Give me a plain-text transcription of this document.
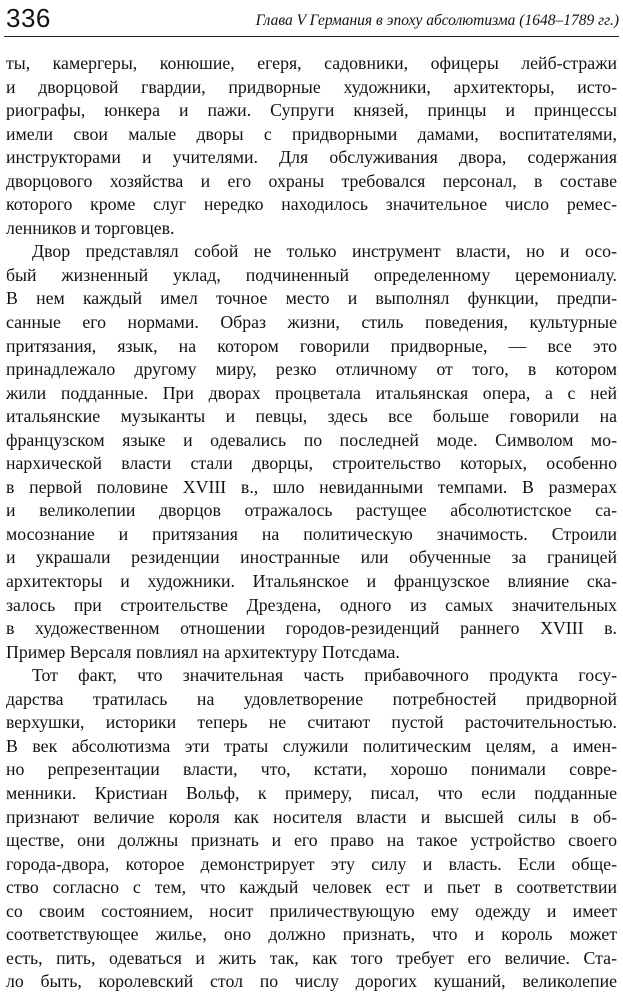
336	Глава V Германия в эпоху абсолютизма (1648–1789 гг.)
ты, камергеры, конюшие, егеря, садовники, офицеры лейб-стражи
и дворцовой гвардии, придворные художники, архитекторы, исто-
риографы, юнкера и пажи. Супруги князей, принцы и принцессы
имели свои малые дворы с придворными дамами, воспитателями,
инструкторами и учителями. Для обслуживания двора, содержания
дворцового хозяйства и его охраны требовался персонал, в составе
которого кроме слуг нередко находилось значительное число ремес-
ленников и торговцев.
Двор представлял собой не только инструмент власти, но и осо-
бый жизненный уклад, подчиненный определенному церемониалу.
В нем каждый имел точное место и выполнял функции, предпи-
санные его нормами. Образ жизни, стиль поведения, культурные
притязания, язык, на котором говорили придворные, — все это
принадлежало другому миру, резко отличному от того, в котором
жили подданные. При дворах процветала итальянская опера, а с ней
итальянские музыканты и певцы, здесь все больше говорили на
французском языке и одевались по последней моде. Символом мо-
нархической власти стали дворцы, строительство которых, особенно
в первой половине XVIII в., шло невиданными темпами. В размерах
и великолепии дворцов отражалось растущее абсолютистское са-
мосознание и притязания на политическую значимость. Строили
и украшали резиденции иностранные или обученные за границей
архитекторы и художники. Итальянское и французское влияние ска-
залось при строительстве Дрездена, одного из самых значительных
в художественном отношении городов-резиденций раннего XVIII в.
Пример Версаля повлиял на архитектуру Потсдама.
Тот факт, что значительная часть прибавочного продукта госу-
дарства тратилась на удовлетворение потребностей придворной
верхушки, историки теперь не считают пустой расточительностью.
В век абсолютизма эти траты служили политическим целям, а имен-
но репрезентации власти, что, кстати, хорошо понимали совре-
менники. Кристиан Вольф, к примеру, писал, что если подданные
признают величие короля как носителя власти и высшей силы в об-
ществе, они должны признать и его право на такое устройство своего
города-двора, которое демонстрирует эту силу и власть. Если обще-
ство согласно с тем, что каждый человек ест и пьет в соответствии
со своим состоянием, носит приличествующую ему одежду и имеет
соответствующее жилье, оно должно признать, что и король может
есть, пить, одеваться и жить так, как того требует его величие. Ста-
ло быть, королевский стол по числу дорогих кушаний, великолепие
